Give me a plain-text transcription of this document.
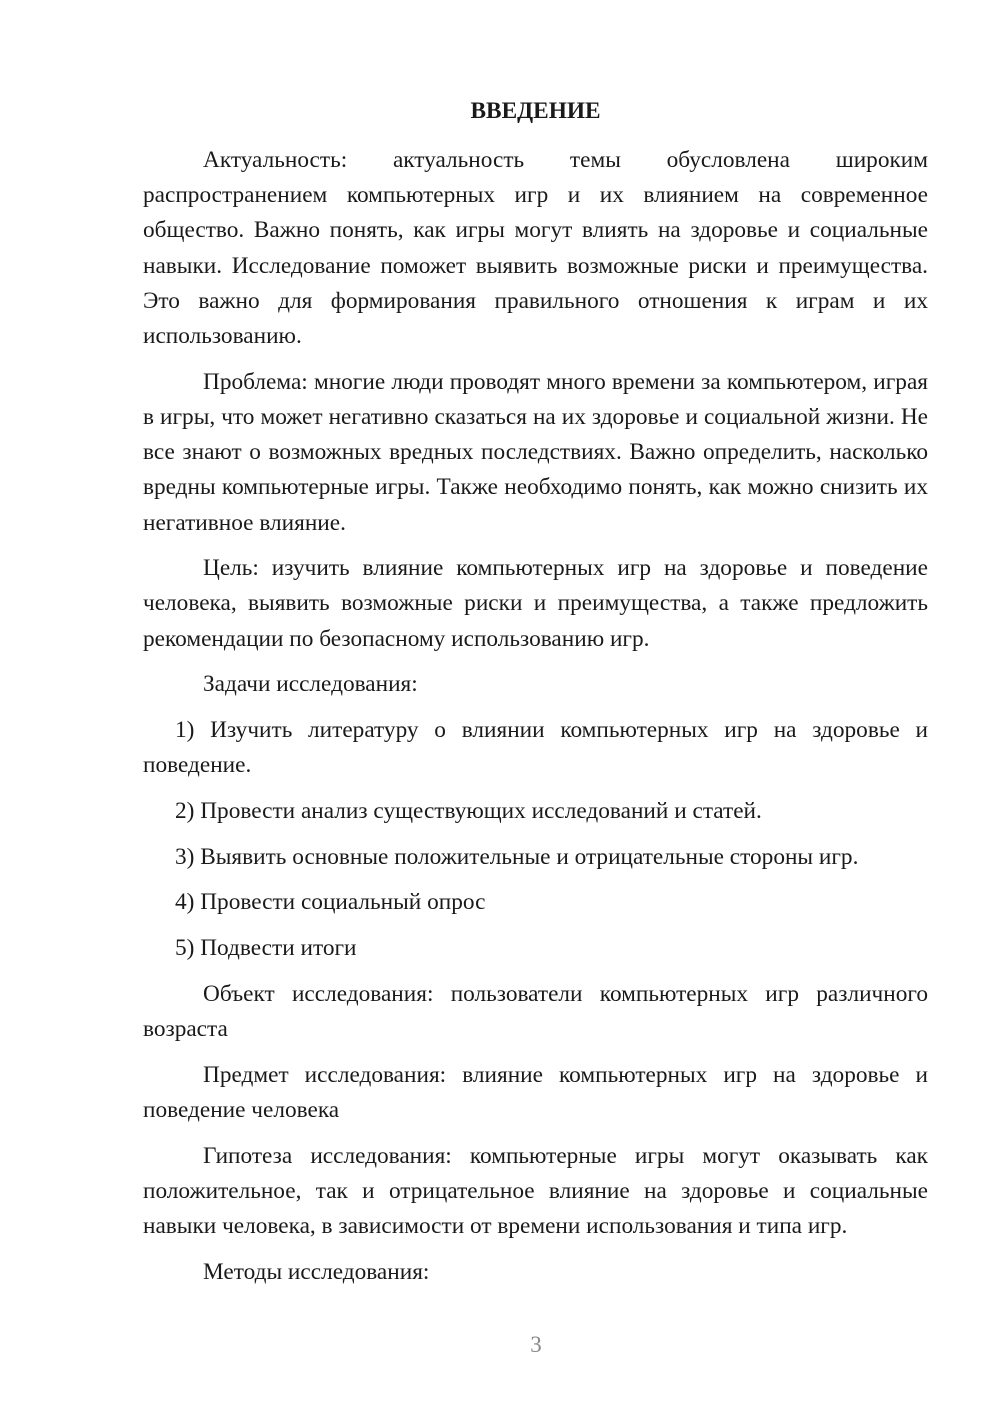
ВВЕДЕНИЕ

Актуальность: актуальность темы обусловлена широким распространением компьютерных игр и их влиянием на современное общество. Важно понять, как игры могут влиять на здоровье и социальные навыки. Исследование поможет выявить возможные риски и преимущества. Это важно для формирования правильного отношения к играм и их использованию.

Проблема: многие люди проводят много времени за компьютером, играя в игры, что может негативно сказаться на их здоровье и социальной жизни. Не все знают о возможных вредных последствиях. Важно определить, насколько вредны компьютерные игры. Также необходимо понять, как можно снизить их негативное влияние.

Цель: изучить влияние компьютерных игр на здоровье и поведение человека, выявить возможные риски и преимущества, а также предложить рекомендации по безопасному использованию игр.

Задачи исследования:

1) Изучить литературу о влиянии компьютерных игр на здоровье и поведение.

2) Провести анализ существующих исследований и статей.

3) Выявить основные положительные и отрицательные стороны игр.

4) Провести социальный опрос

5) Подвести итоги

Объект исследования: пользователи компьютерных игр различного возраста

Предмет исследования: влияние компьютерных игр на здоровье и поведение человека

Гипотеза исследования: компьютерные игры могут оказывать как положительное, так и отрицательное влияние на здоровье и социальные навыки человека, в зависимости от времени использования и типа игр.

Методы исследования:

3
